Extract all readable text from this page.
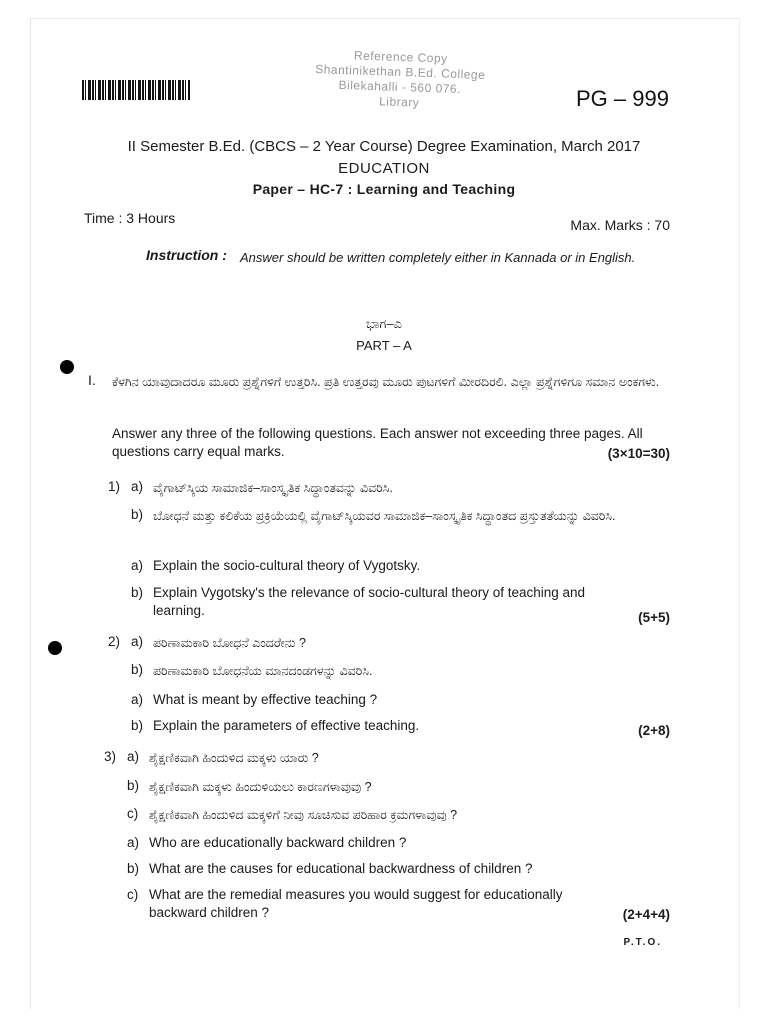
Reference Copy
Shantinikethan B.Ed. College
Bilekahalli - 560 076.
Library	PG – 999
II Semester B.Ed. (CBCS – 2 Year Course) Degree Examination, March 2017
EDUCATION
Paper – HC-7 : Learning and Teaching
Time : 3 Hours	Max. Marks : 70
Instruction : Answer should be written completely either in Kannada or in English.
ಭಾಗ–ಎ
PART – A
I. ಕೆಳಗಿನ ಯಾವುದಾದರೂ ಮೂರು ಪ್ರಶ್ನೆಗಳಿಗೆ ಉತ್ತರಿಸಿ. ಪ್ರತಿ ಉತ್ತರವು ಮೂರು ಪುಟಗಳಿಗೆ ಮೀರದಿರಲಿ. ಎಲ್ಲಾ ಪ್ರಶ್ನೆಗಳಿಗೂ ಸಮಾನ ಅಂಕಗಳು.
Answer any three of the following questions. Each answer not exceeding three pages. All questions carry equal marks.	(3×10=30)
1) a) ವೈಗಾಟ್‌ಸ್ಕಿಯ ಸಾಮಾಜಿಕ–ಸಾಂಸ್ಕೃತಿಕ ಸಿದ್ಧಾಂತವನ್ನು ವಿವರಿಸಿ.
b) ಬೋಧನೆ ಮತ್ತು ಕಲಿಕೆಯ ಪ್ರಕ್ರಿಯೆಯಲ್ಲಿ ವೈಗಾಟ್‌ಸ್ಕಿಯವರ ಸಾಮಾಜಿಕ–ಸಾಂಸ್ಕೃತಿಕ ಸಿದ್ಧಾಂತದ ಪ್ರಸ್ತುತತೆಯನ್ನು ವಿವರಿಸಿ.
a) Explain the socio-cultural theory of Vygotsky.
b) Explain Vygotsky's the relevance of socio-cultural theory of teaching and learning.	(5+5)
2) a) ಪರಿಣಾಮಕಾರಿ ಬೋಧನೆ ಎಂದರೇನು ?
b) ಪರಿಣಾಮಕಾರಿ ಬೋಧನೆಯ ಮಾನದಂಡಗಳನ್ನು ವಿವರಿಸಿ.
a) What is meant by effective teaching ?
b) Explain the parameters of effective teaching.	(2+8)
3) a) ಶೈಕ್ಷಣಿಕವಾಗಿ ಹಿಂದುಳಿದ ಮಕ್ಕಳು ಯಾರು ?
b) ಶೈಕ್ಷಣಿಕವಾಗಿ ಮಕ್ಕಳು ಹಿಂದುಳಿಯಲು ಕಾರಣಗಳಾವುವು ?
c) ಶೈಕ್ಷಣಿಕವಾಗಿ ಹಿಂದುಳಿದ ಮಕ್ಕಳಿಗೆ ನೀವು ಸೂಚಿಸುವ ಪರಿಹಾರ ಕ್ರಮಗಳಾವುವು ?
a) Who are educationally backward children ?
b) What are the causes for educational backwardness of children ?
c) What are the remedial measures you would suggest for educationally backward children ?	(2+4+4)
P.T.O.
